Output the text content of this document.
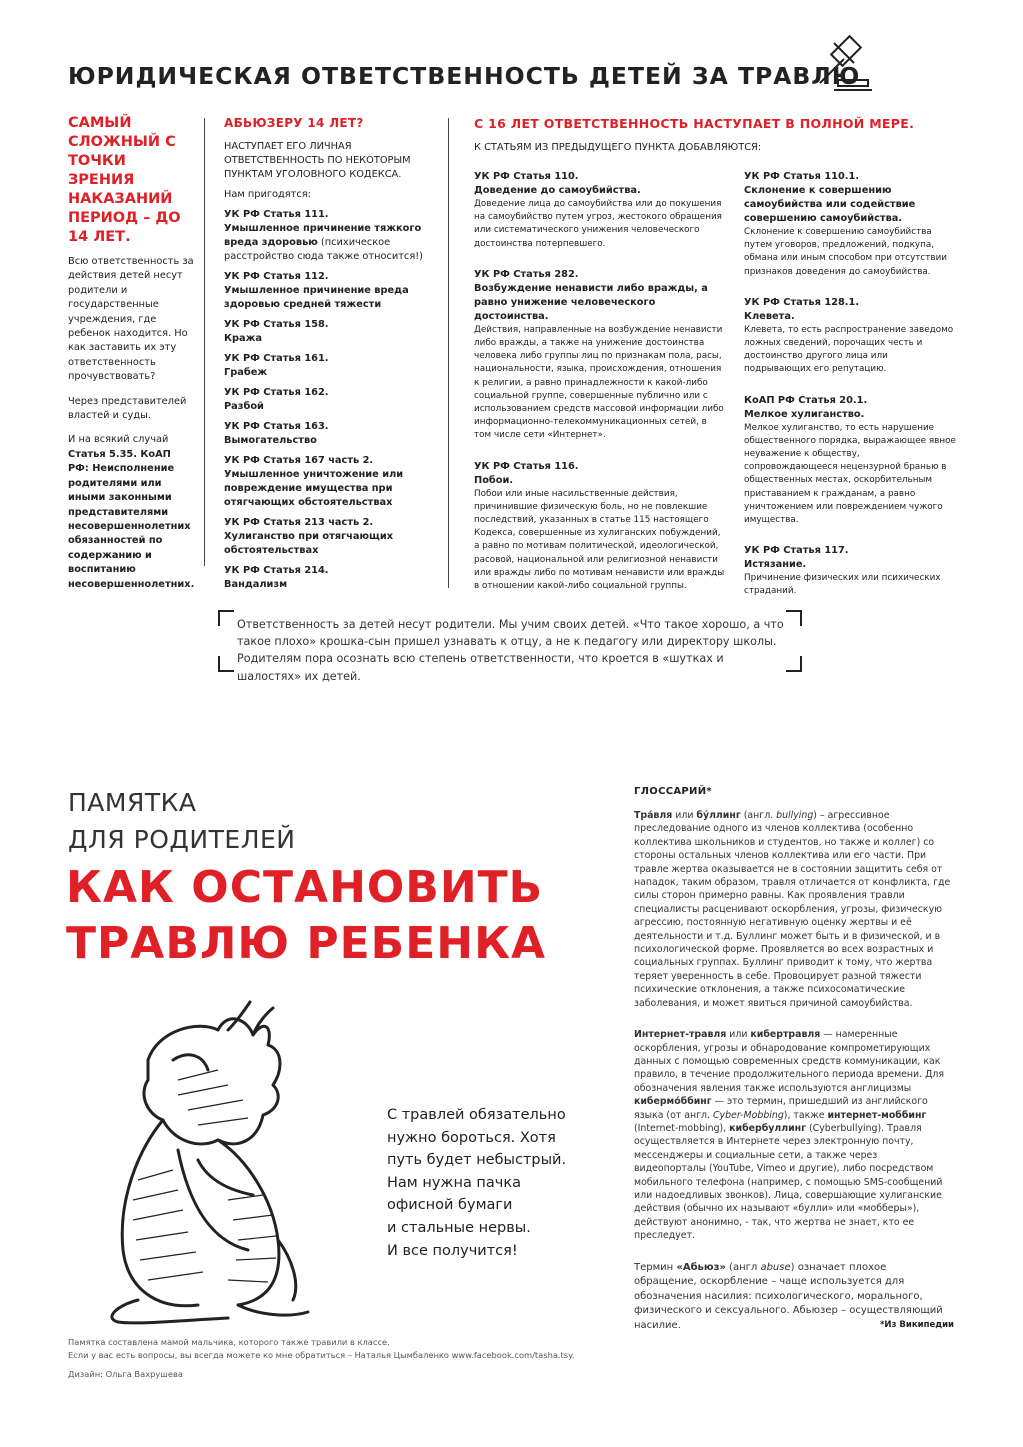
ЮРИДИЧЕСКАЯ ОТВЕТСТВЕННОСТЬ ДЕТЕЙ ЗА ТРАВЛЮ
САМЫЙ СЛОЖНЫЙ С ТОЧКИ ЗРЕНИЯ НАКАЗАНИЙ ПЕРИОД – ДО 14 ЛЕТ.

Всю ответственность за действия детей несут родители и государственные учреждения, где ребенок находится. Но как заставить их эту ответственность прочувствовать?

Через представителей властей и суды.

И на всякий случай

Статья 5.35. КоАП РФ: Неисполнение родителями или иными законными представителями несовершеннолетних обязанностей по содержанию и воспитанию несовершеннолетних.

АБЬЮЗЕРУ 14 ЛЕТ?
НАСТУПАЕТ ЕГО ЛИЧНАЯ ОТВЕТСТВЕННОСТЬ ПО НЕКОТОРЫМ ПУНКТАМ УГОЛОВНОГО КОДЕКСА.
Нам пригодятся:
УК РФ Статья 111.
Умышленное причинение тяжкого вреда здоровью (психическое расстройство сюда также относится!)
УК РФ Статья 112.
Умышленное причинение вреда здоровью средней тяжести
УК РФ Статья 158.
Кража
УК РФ Статья 161.
Грабеж
УК РФ Статья 162.
Разбой
УК РФ Статья 163.
Вымогательство
УК РФ Статья 167 часть 2.
Умышленное уничтожение или повреждение имущества при отягчающих обстоятельствах
УК РФ Статья 213 часть 2.
Хулиганство при отягчающих обстоятельствах
УК РФ Статья 214.
Вандализм
С 16 ЛЕТ ОТВЕТСТВЕННОСТЬ НАСТУПАЕТ В ПОЛНОЙ МЕРЕ.
К СТАТЬЯМ ИЗ ПРЕДЫДУЩЕГО ПУНКТА ДОБАВЛЯЮТСЯ:
УК РФ Статья 110.
Доведение до самоубийства.
Доведение лица до самоубийства или до покушения на самоубийство путем угроз, жестокого обращения или систематического унижения человеческого достоинства потерпевшего.
УК РФ Статья 282.
Возбуждение ненависти либо вражды, а равно унижение человеческого достоинства.
Действия, направленные на возбуждение ненависти либо вражды, а также на унижение достоинства человека либо группы лиц по признакам пола, расы, национальности, языка, происхождения, отношения к религии, а равно принадлежности к какой-либо социальной группе, совершенные публично или с использованием средств массовой информации либо информационно-телекоммуникационных сетей, в том числе сети «Интернет».
УК РФ Статья 116.
Побои.
Побои или иные насильственные действия, причинившие физическую боль, но не повлекшие последствий, указанных в статье 115 настоящего Кодекса, совершенные из хулиганских побуждений, а равно по мотивам политической, идеологической, расовой, национальной или религиозной ненависти или вражды либо по мотивам ненависти или вражды в отношении какой-либо социальной группы.
УК РФ Статья 110.1.
Склонение к совершению самоубийства или содействие совершению самоубийства.
Склонение к совершению самоубийства путем уговоров, предложений, подкупа, обмана или иным способом при отсутствии признаков доведения до самоубийства.
УК РФ Статья 128.1.
Клевета.
Клевета, то есть распространение заведомо ложных сведений, порочащих честь и достоинство другого лица или подрывающих его репутацию.
КоАП РФ Статья 20.1.
Мелкое хулиганство.
Мелкое хулиганство, то есть нарушение общественного порядка, выражающее явное неуважение к обществу, сопровождающееся нецензурной бранью в общественных местах, оскорбительным приставанием к гражданам, а равно уничтожением или повреждением чужого имущества.
УК РФ Статья 117.
Истязание.
Причинение физических или психических страданий.
Ответственность за детей несут родители. Мы учим своих детей. «Что такое хорошо, а что такое плохо» крошка-сын пришел узнавать к отцу, а не к педагогу или директору школы. Родителям пора осознать всю степень ответственности, что кроется в «шутках и шалостях» их детей.
ПАМЯТКА
ДЛЯ РОДИТЕЛЕЙ
КАК ОСТАНОВИТЬ
ТРАВЛЮ РЕБЕНКА
С травлей обязательно
нужно бороться. Хотя
путь будет небыстрый.
Нам нужна пачка
офисной бумаги
и стальные нервы.
И все получится!
ГЛОССАРИЙ*

Тра́вля или бу́ллинг (англ. bullying) – агрессивное преследование одного из членов коллектива (особенно коллектива школьников и студентов, но также и коллег) со стороны остальных членов коллектива или его части. При травле жертва оказывается не в состоянии защитить себя от нападок, таким образом, травля отличается от конфликта, где силы сторон примерно равны. Как проявления травли специалисты расценивают оскорбления, угрозы, физическую агрессию, постоянную негативную оценку жертвы и её деятельности и т.д. Буллинг может быть и в физической, и в психологической форме. Проявляется во всех возрастных и социальных группах. Буллинг приводит к тому, что жертва теряет уверенность в себе. Провоцирует разной тяжести психические отклонения, а также психосоматические заболевания, и может явиться причиной самоубийства.

Интернет-травля или кибертравля — намеренные оскорбления, угрозы и обнародование компрометирующих данных с помощью современных средств коммуникации, как правило, в течение продолжительного периода времени. Для обозначения явления также используются англицизмы кибермо́ббинг — это термин, пришедший из английского языка (от англ. Cyber-Mobbing), также интернет-моббинг (Internet-mobbing), кибербуллинг (Cyberbullying). Травля осуществляется в Интернете через электронную почту, мессенджеры и социальные сети, а также через видеопорталы (YouTube, Vimeo и другие), либо посредством мобильного телефона (например, с помощью SMS-сообщений или надоедливых звонков). Лица, совершающие хулиганские действия (обычно их называют «булли» или «мобберы»), действуют анонимно, - так, что жертва не знает, кто ее преследует.

Термин «Абьюз» (англ abuse) означает плохое обращение, оскорбление – чаще используется для обозначения насилия: психологического, морального, физического и сексуального. Абьюзер – осуществляющий насилие.	*Из Википедии
Памятка составлена мамой мальчика, которого также травили в классе.
Если у вас есть вопросы, вы всегда можете ко мне обратиться – Наталья Цымбаленко www.facebook.com/tasha.tsy.
Дизайн: Ольга Вахрушева
